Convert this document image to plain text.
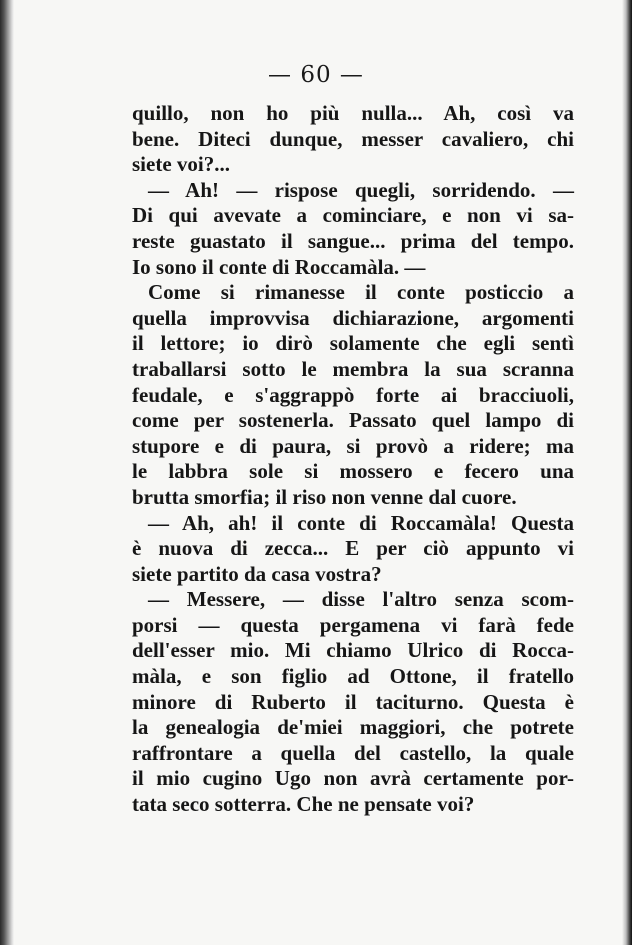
— 60 —
quillo, non ho più nulla... Ah, così va
bene. Diteci dunque, messer cavaliero, chi
siete voi?...
— Ah! — rispose quegli, sorridendo. —
Di qui avevate a cominciare, e non vi sa-
reste guastato il sangue... prima del tempo.
Io sono il conte di Roccamàla. —
Come si rimanesse il conte posticcio a
quella improvvisa dichiarazione, argomenti
il lettore; io dirò solamente che egli sentì
traballarsi sotto le membra la sua scranna
feudale, e s'aggrappò forte ai bracciuoli,
come per sostenerla. Passato quel lampo di
stupore e di paura, si provò a ridere; ma
le labbra sole si mossero e fecero una
brutta smorfia; il riso non venne dal cuore.
— Ah, ah! il conte di Roccamàla! Questa
è nuova di zecca... E per ciò appunto vi
siete partito da casa vostra?
— Messere, — disse l'altro senza scom-
porsi — questa pergamena vi farà fede
dell'esser mio. Mi chiamo Ulrico di Rocca-
màla, e son figlio ad Ottone, il fratello
minore di Ruberto il taciturno. Questa è
la genealogia de'miei maggiori, che potrete
raffrontare a quella del castello, la quale
il mio cugino Ugo non avrà certamente por-
tata seco sotterra. Che ne pensate voi?
